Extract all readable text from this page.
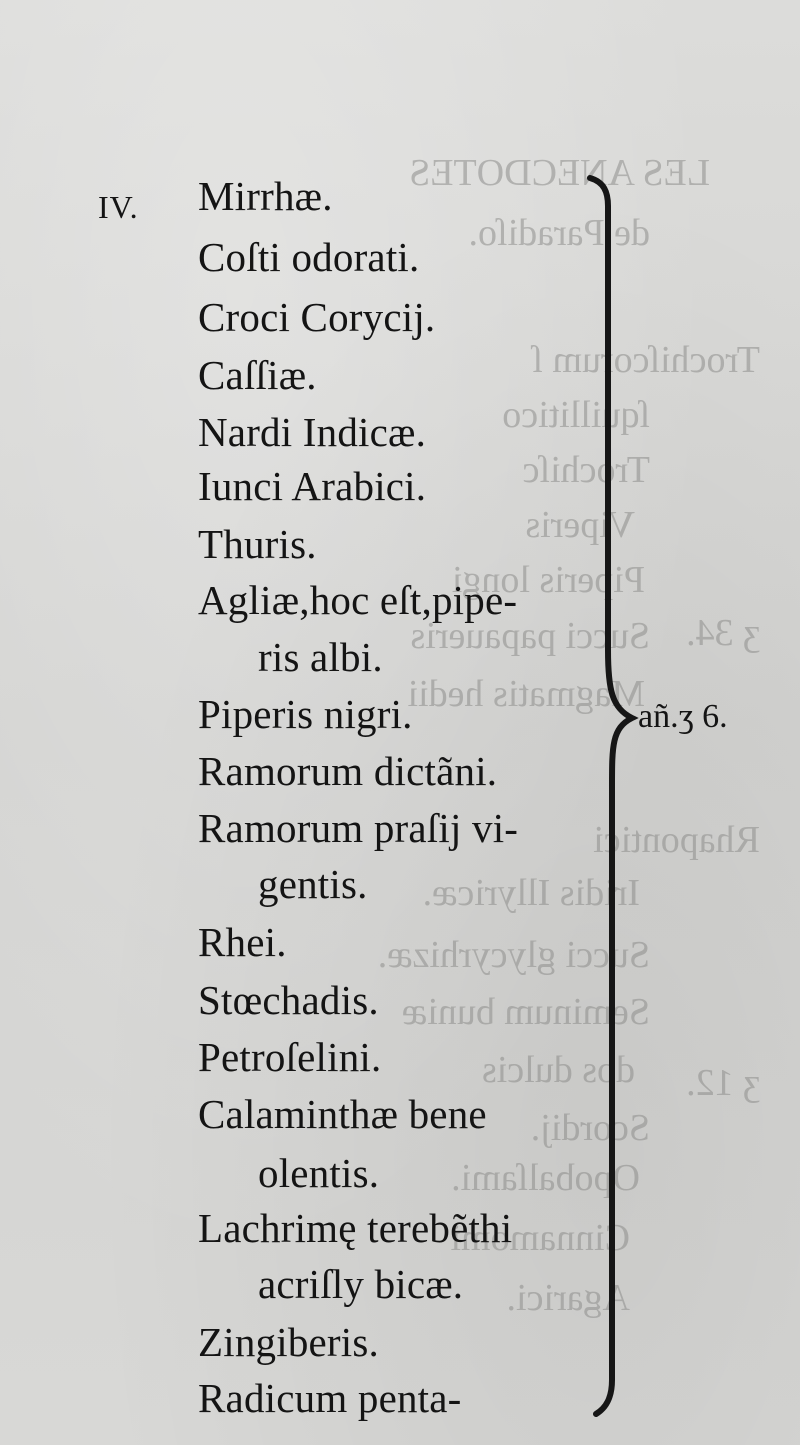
LES ANECDOTES
de Paradiſo.
Trochiſcorum ſ
ſquillitico
Trochiſc
Viperis
Piperis longi
Succi papaueris
Magmatis hedii
Rhapontici
Iridis Illyricæ.
Succi glycyrhizæ.
Seminum buniæ
dos dulcis
Scordij.
Opobalſami.
Cinnamomi
Agarici.
ʒ 34.
ʒ 12.
IV. Mirrhæ.
Coſti odorati.
Croci Corycij.
Caſſiæ.
Nardi Indicæ.
Iunci Arabici.
Thuris.
Agliæ,hoc eſt,pipe-
ris albi.
Piperis nigri.
Ramorum dictãni.
Ramorum praſij vi-
gentis.
Rhei.
Stœchadis.
Petroſelini.
Calaminthæ bene
olentis.
Lachrimę terebẽthi
acriſly bicæ.
Zingiberis.
Radicum penta-
añ.ʒ 6.
